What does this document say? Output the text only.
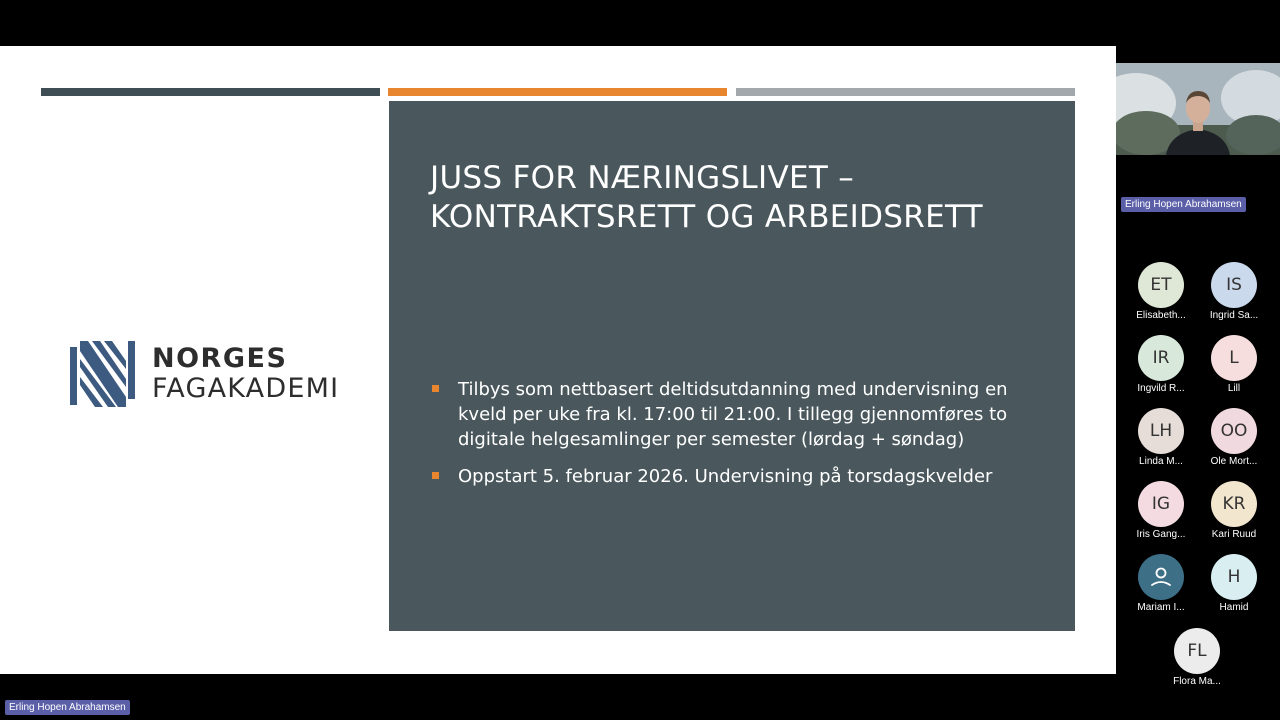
NORGES
FAGAKADEMI
JUSS FOR NÆRINGSLIVET –
KONTRAKTSRETT OG ARBEIDSRETT
Tilbys som nettbasert deltidsutdanning med undervisning en kveld per uke fra kl. 17:00 til 21:00. I tillegg gjennomføres to digitale helgesamlinger per semester (lørdag + søndag)
Oppstart 5. februar 2026. Undervisning på torsdagskvelder
Erling Hopen Abrahamsen
ET
Elisabeth...
IS
Ingrid Sa...
IR
Ingvild R...
L
Lill
LH
Linda M...
OO
Ole Mort...
IG
Iris Gang...
KR
Kari Ruud
Mariam I...
H
Hamid
FL
Flora Ma...
Erling Hopen Abrahamsen
